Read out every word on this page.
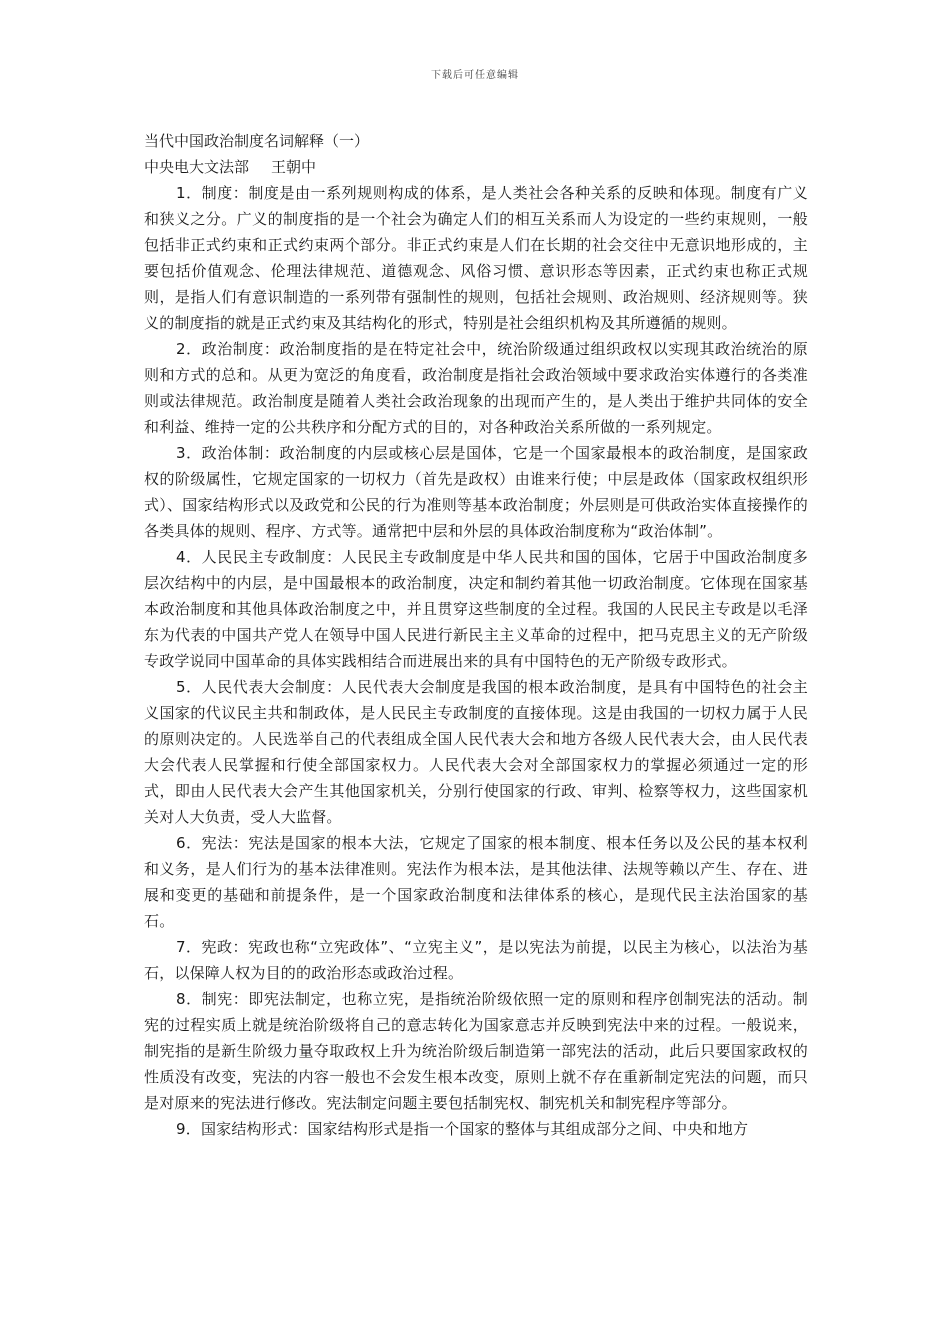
下载后可任意编辑

当代中国政治制度名词解释（一）

中央电大文法部 王朝中

1．制度：制度是由一系列规则构成的体系，是人类社会各种关系的反映和体现。制度有广义和狭义之分。广义的制度指的是一个社会为确定人们的相互关系而人为设定的一些约束规则，一般包括非正式约束和正式约束两个部分。非正式约束是人们在长期的社会交往中无意识地形成的，主要包括价值观念、伦理法律规范、道德观念、风俗习惯、意识形态等因素，正式约束也称正式规则，是指人们有意识制造的一系列带有强制性的规则，包括社会规则、政治规则、经济规则等。狭义的制度指的就是正式约束及其结构化的形式，特别是社会组织机构及其所遵循的规则。

2．政治制度：政治制度指的是在特定社会中，统治阶级通过组织政权以实现其政治统治的原则和方式的总和。从更为宽泛的角度看，政治制度是指社会政治领域中要求政治实体遵行的各类准则或法律规范。政治制度是随着人类社会政治现象的出现而产生的，是人类出于维护共同体的安全和利益、维持一定的公共秩序和分配方式的目的，对各种政治关系所做的一系列规定。

3．政治体制：政治制度的内层或核心层是国体，它是一个国家最根本的政治制度，是国家政权的阶级属性，它规定国家的一切权力（首先是政权）由谁来行使；中层是政体（国家政权组织形式）、国家结构形式以及政党和公民的行为准则等基本政治制度；外层则是可供政治实体直接操作的各类具体的规则、程序、方式等。通常把中层和外层的具体政治制度称为“政治体制”。

4．人民民主专政制度：人民民主专政制度是中华人民共和国的国体，它居于中国政治制度多层次结构中的内层，是中国最根本的政治制度，决定和制约着其他一切政治制度。它体现在国家基本政治制度和其他具体政治制度之中，并且贯穿这些制度的全过程。我国的人民民主专政是以毛泽东为代表的中国共产党人在领导中国人民进行新民主主义革命的过程中，把马克思主义的无产阶级专政学说同中国革命的具体实践相结合而进展出来的具有中国特色的无产阶级专政形式。

5．人民代表大会制度：人民代表大会制度是我国的根本政治制度，是具有中国特色的社会主义国家的代议民主共和制政体，是人民民主专政制度的直接体现。这是由我国的一切权力属于人民的原则决定的。人民选举自己的代表组成全国人民代表大会和地方各级人民代表大会，由人民代表大会代表人民掌握和行使全部国家权力。人民代表大会对全部国家权力的掌握必须通过一定的形式，即由人民代表大会产生其他国家机关，分别行使国家的行政、审判、检察等权力，这些国家机关对人大负责，受人大监督。

6．宪法：宪法是国家的根本大法，它规定了国家的根本制度、根本任务以及公民的基本权利和义务，是人们行为的基本法律准则。宪法作为根本法，是其他法律、法规等赖以产生、存在、进展和变更的基础和前提条件，是一个国家政治制度和法律体系的核心，是现代民主法治国家的基石。

7．宪政：宪政也称“立宪政体”、“立宪主义”，是以宪法为前提，以民主为核心，以法治为基石，以保障人权为目的的政治形态或政治过程。

8．制宪：即宪法制定，也称立宪，是指统治阶级依照一定的原则和程序创制宪法的活动。制宪的过程实质上就是统治阶级将自己的意志转化为国家意志并反映到宪法中来的过程。一般说来，制宪指的是新生阶级力量夺取政权上升为统治阶级后制造第一部宪法的活动，此后只要国家政权的性质没有改变，宪法的内容一般也不会发生根本改变，原则上就不存在重新制定宪法的问题，而只是对原来的宪法进行修改。宪法制定问题主要包括制宪权、制宪机关和制宪程序等部分。

9．国家结构形式：国家结构形式是指一个国家的整体与其组成部分之间、中央和地方
